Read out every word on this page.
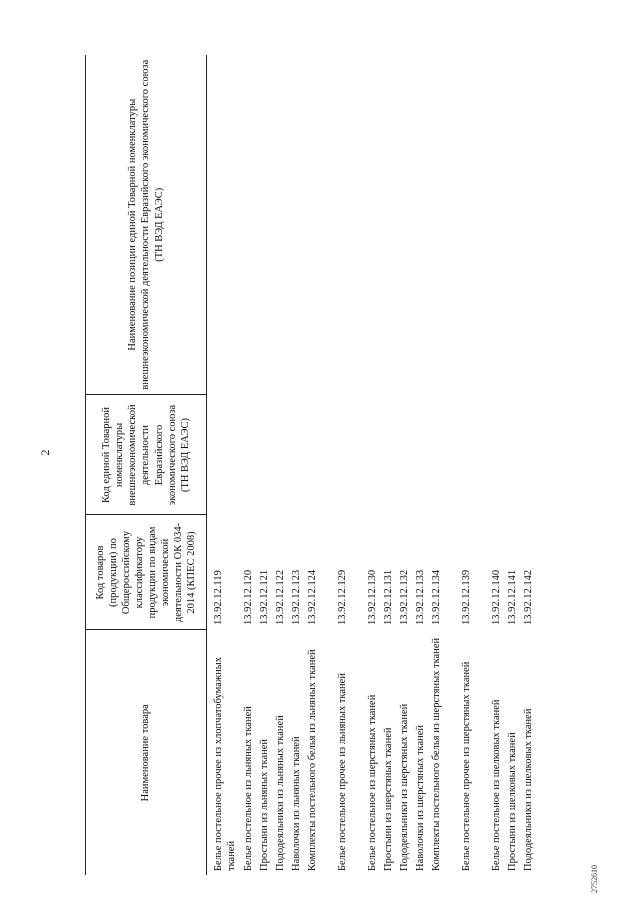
2
Наименование товара	Код товаров (продукции) по Общероссийскому классификатору продукции по видам экономической деятельности ОК 034-2014 (КПЕС 2008)	Код единой Товарной номенклатуры внешнеэкономической деятельности Евразийского экономического союза (ТН ВЭД ЕАЭС)	Наименование позиции единой Товарной номенклатуры внешнеэкономической деятельности Евразийского экономического союза (ТН ВЭД ЕАЭС)
Белье постельное прочее из хлопчатобумажных тканей	13.92.12.119		
Белье постельное из льняных тканей	13.92.12.120		
Простыни из льняных тканей	13.92.12.121		
Пододеяльники из льняных тканей	13.92.12.122		
Наволочки из льняных тканей	13.92.12.123		
Комплекты постельного белья из льняных тканей	13.92.12.124		
Белье постельное прочее из льняных тканей	13.92.12.129		
Белье постельное из шерстяных тканей	13.92.12.130		
Простыни из шерстяных тканей	13.92.12.131		
Пододеяльники из шерстяных тканей	13.92.12.132		
Наволочки из шерстяных тканей	13.92.12.133		
Комплекты постельного белья из шерстяных тканей	13.92.12.134		
Белье постельное прочее из шерстяных тканей	13.92.12.139		
Белье постельное из шелковых тканей	13.92.12.140		
Простыни из шелковых тканей	13.92.12.141		
Пододеяльники из шелковых тканей	13.92.12.142		
2752610
